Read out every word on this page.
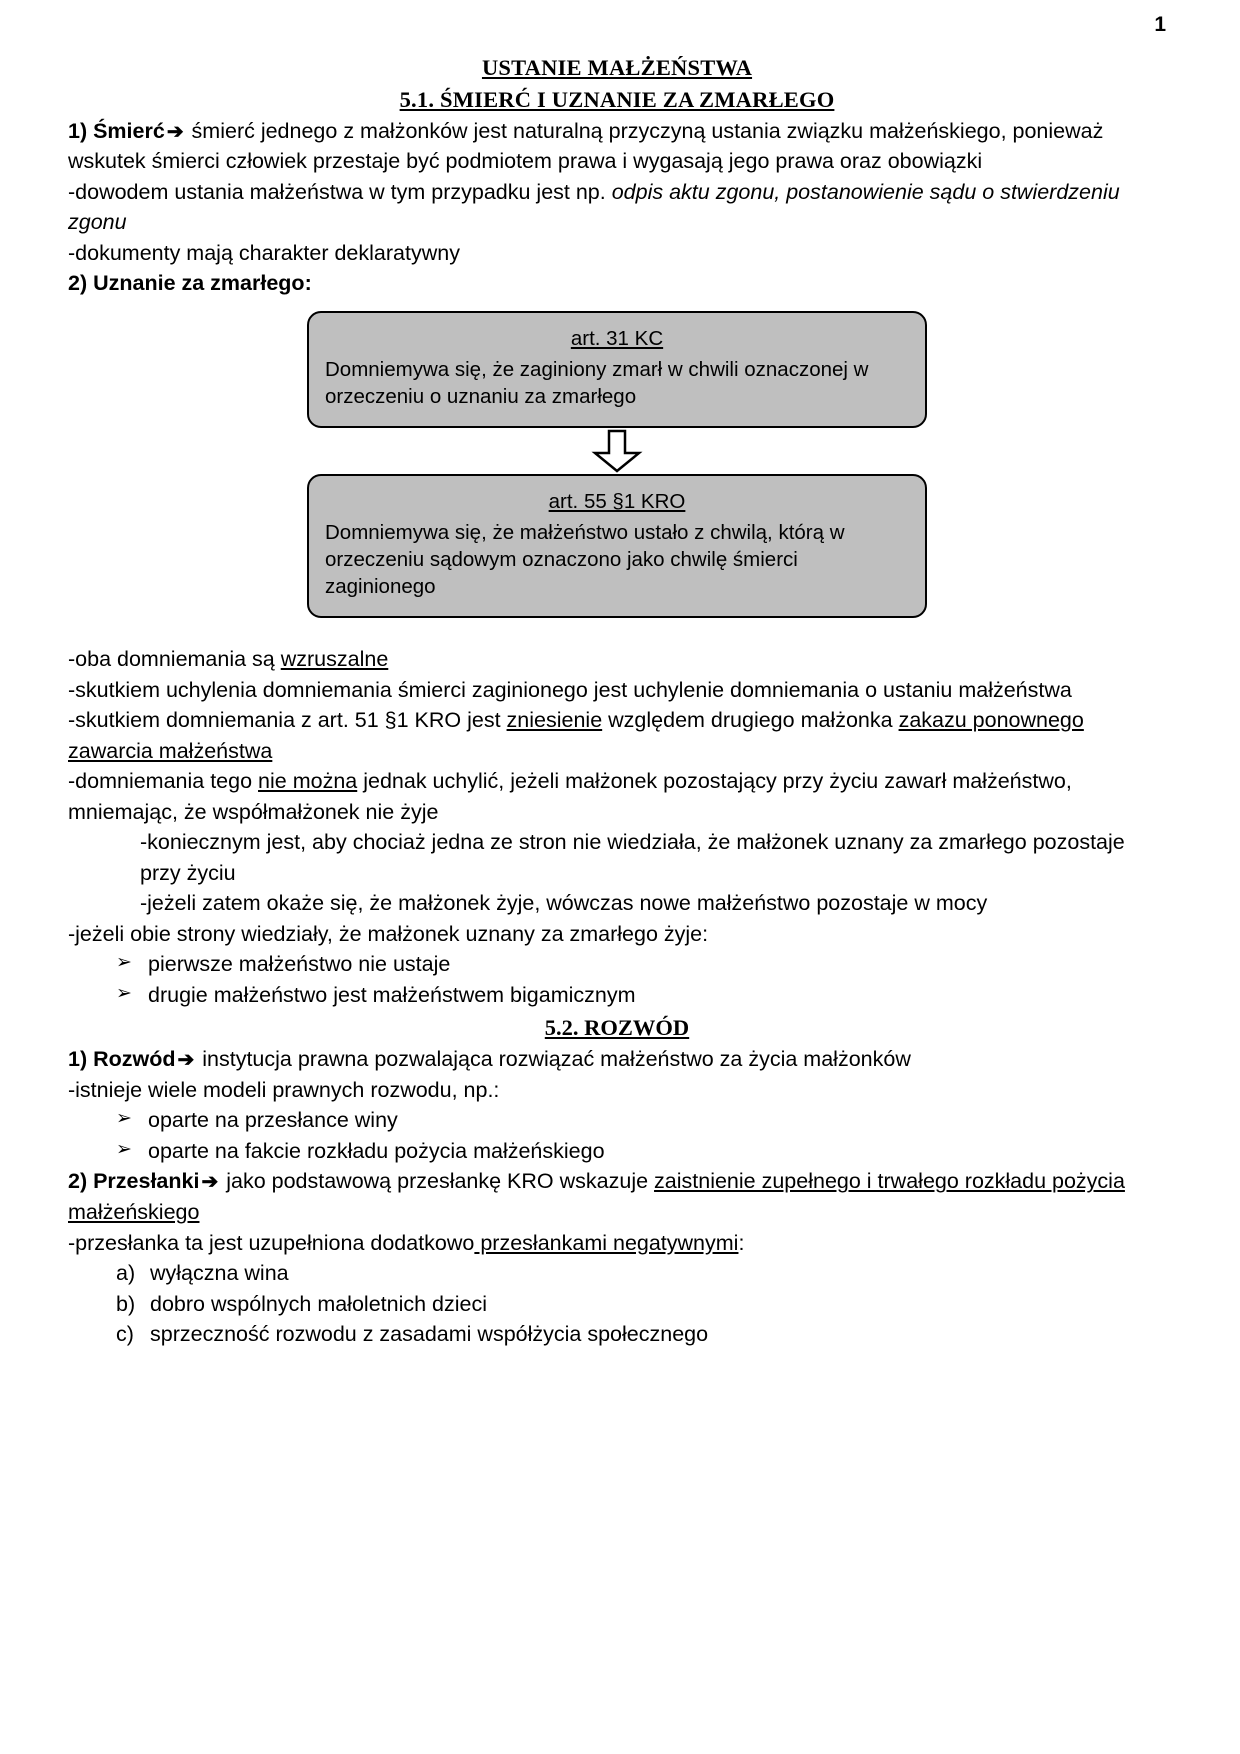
1
USTANIE MAŁŻEŃSTWA
5.1. ŚMIERĆ I UZNANIE ZA ZMARŁEGO

1) Śmierć ➔ śmierć jednego z małżonków jest naturalną przyczyną ustania związku małżeńskiego, ponieważ wskutek śmierci człowiek przestaje być podmiotem prawa i wygasają jego prawa oraz obowiązki

-dowodem ustania małżeństwa w tym przypadku jest np. odpis aktu zgonu, postanowienie sądu o stwierdzeniu zgonu

-dokumenty mają charakter deklaratywny

2) Uznanie za zmarłego:

art. 31 KC
Domniemywa się, że zaginiony zmarł w chwili oznaczonej w orzeczeniu o uznaniu za zmarłego
art. 55 §1 KRO
Domniemywa się, że małżeństwo ustało z chwilą, którą w orzeczeniu sądowym oznaczono jako chwilę śmierci zaginionego

-oba domniemania są wzruszalne

-skutkiem uchylenia domniemania śmierci zaginionego jest uchylenie domniemania o ustaniu małżeństwa

-skutkiem domniemania z art. 51 §1 KRO jest zniesienie względem drugiego małżonka zakazu ponownego zawarcia małżeństwa

-domniemania tego nie można jednak uchylić, jeżeli małżonek pozostający przy życiu zawarł małżeństwo, mniemając, że współmałżonek nie żyje

-koniecznym jest, aby chociaż jedna ze stron nie wiedziała, że małżonek uznany za zmarłego pozostaje przy życiu

-jeżeli zatem okaże się, że małżonek żyje, wówczas nowe małżeństwo pozostaje w mocy

-jeżeli obie strony wiedziały, że małżonek uznany za zmarłego żyje:

➢ pierwsze małżeństwo nie ustaje
➢ drugie małżeństwo jest małżeństwem bigamicznym
5.2. ROZWÓD

1) Rozwód ➔ instytucja prawna pozwalająca rozwiązać małżeństwo za życia małżonków

-istnieje wiele modeli prawnych rozwodu, np.:

➢ oparte na przesłance winy
➢ oparte na fakcie rozkładu pożycia małżeńskiego

2) Przesłanki ➔ jako podstawową przesłankę KRO wskazuje zaistnienie zupełnego i trwałego rozkładu pożycia małżeńskiego

-przesłanka ta jest uzupełniona dodatkowo przesłankami negatywnymi:

a) wyłączna wina
b) dobro wspólnych małoletnich dzieci
c) sprzeczność rozwodu z zasadami współżycia społecznego
